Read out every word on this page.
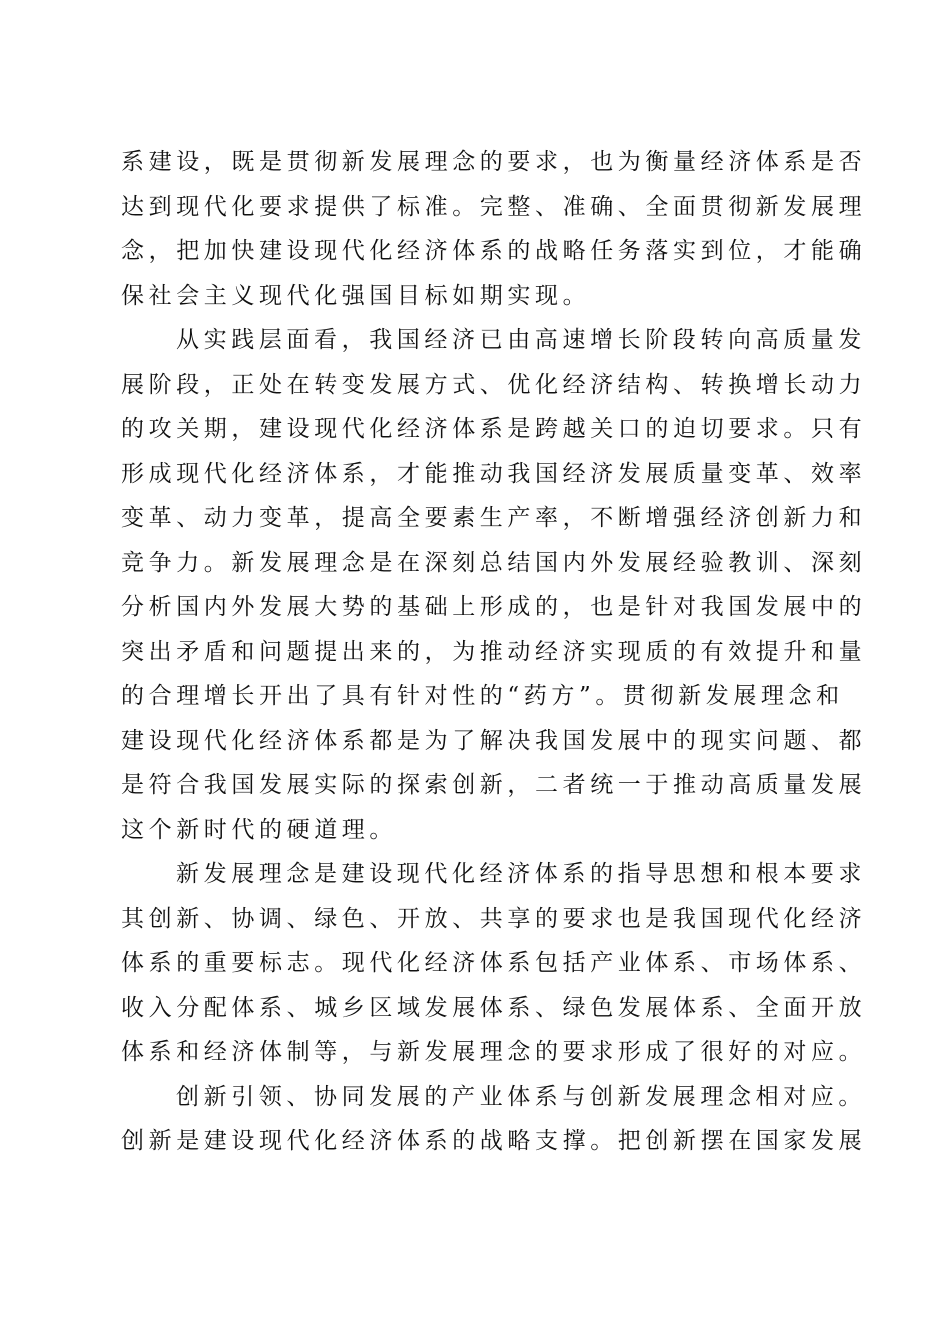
系建设，既是贯彻新发展理念的要求，也为衡量经济体系是否
达到现代化要求提供了标准。完整、准确、全面贯彻新发展理
念，把加快建设现代化经济体系的战略任务落实到位，才能确
保社会主义现代化强国目标如期实现。
从实践层面看，我国经济已由高速增长阶段转向高质量发
展阶段，正处在转变发展方式、优化经济结构、转换增长动力
的攻关期，建设现代化经济体系是跨越关口的迫切要求。只有
形成现代化经济体系，才能推动我国经济发展质量变革、效率
变革、动力变革，提高全要素生产率，不断增强经济创新力和
竞争力。新发展理念是在深刻总结国内外发展经验教训、深刻
分析国内外发展大势的基础上形成的，也是针对我国发展中的
突出矛盾和问题提出来的，为推动经济实现质的有效提升和量
的合理增长开出了具有针对性的“药方”。贯彻新发展理念和
建设现代化经济体系都是为了解决我国发展中的现实问题、都
是符合我国发展实际的探索创新，二者统一于推动高质量发展
这个新时代的硬道理。
新发展理念是建设现代化经济体系的指导思想和根本要求
其创新、协调、绿色、开放、共享的要求也是我国现代化经济
体系的重要标志。现代化经济体系包括产业体系、市场体系、
收入分配体系、城乡区域发展体系、绿色发展体系、全面开放
体系和经济体制等，与新发展理念的要求形成了很好的对应。
创新引领、协同发展的产业体系与创新发展理念相对应。
创新是建设现代化经济体系的战略支撑。把创新摆在国家发展
